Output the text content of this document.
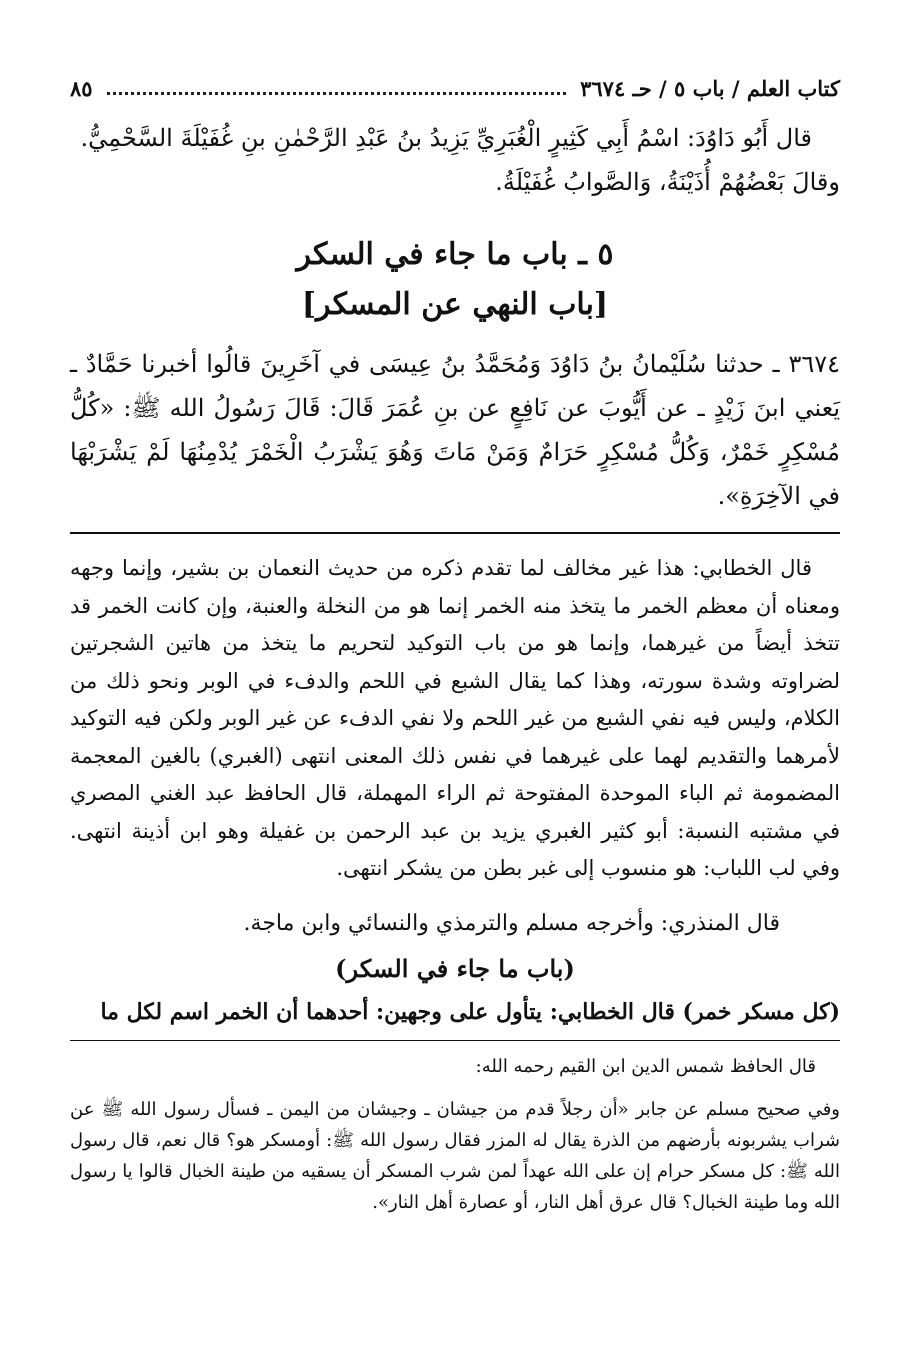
كتاب العلم / باب ٥ / حـ ٣٦٧٤
٨٥

قال أَبُو دَاوُدَ: اسْمُ أَبِي كَثِيرٍ الْغُبَرِيِّ يَزِيدُ بنُ عَبْدِ الرَّحْمٰنِ بنِ غُفَيْلَةَ السَّحْمِيُّ.

وقالَ بَعْضُهُمْ أُذَيْنَةُ، وَالصَّوابُ غُفَيْلَةُ.

٥ ـ باب ما جاء في السكر
[باب النهي عن المسكر]

٣٦٧٤ ـ حدثنا سُلَيْمانُ بنُ دَاوُدَ وَمُحَمَّدُ بنُ عِيسَى في آخَرِينَ قالُوا أخبرنا حَمَّادٌ ـ يَعني ابنَ زَيْدٍ ـ عن أَيُّوبَ عن نَافِعٍ عن بنِ عُمَرَ قَالَ: قَالَ رَسُولُ الله ﷺ: «كُلُّ مُسْكِرٍ خَمْرٌ، وَكُلُّ مُسْكِرٍ حَرَامٌ وَمَنْ مَاتَ وَهُوَ يَشْرَبُ الْخَمْرَ يُدْمِنُهَا لَمْ يَشْرَبْهَا في الآخِرَةِ».

قال الخطابي: هذا غير مخالف لما تقدم ذكره من حديث النعمان بن بشير، وإنما وجهه ومعناه أن معظم الخمر ما يتخذ منه الخمر إنما هو من النخلة والعنبة، وإن كانت الخمر قد تتخذ أيضاً من غيرهما، وإنما هو من باب التوكيد لتحريم ما يتخذ من هاتين الشجرتين لضراوته وشدة سورته، وهذا كما يقال الشبع في اللحم والدفء في الوبر ونحو ذلك من الكلام، وليس فيه نفي الشبع من غير اللحم ولا نفي الدفء عن غير الوبر ولكن فيه التوكيد لأمرهما والتقديم لهما على غيرهما في نفس ذلك المعنى انتهى (الغبري) بالغين المعجمة المضمومة ثم الباء الموحدة المفتوحة ثم الراء المهملة، قال الحافظ عبد الغني المصري في مشتبه النسبة: أبو كثير الغبري يزيد بن عبد الرحمن بن غفيلة وهو ابن أذينة انتهى. وفي لب اللباب: هو منسوب إلى غبر بطن من يشكر انتهى.

قال المنذري: وأخرجه مسلم والترمذي والنسائي وابن ماجة.

(باب ما جاء في السكر)

(كل مسكر خمر) قال الخطابي: يتأول على وجهين: أحدهما أن الخمر اسم لكل ما

قال الحافظ شمس الدين ابن القيم رحمه الله:

وفي صحيح مسلم عن جابر «أن رجلاً قدم من جيشان ـ وجيشان من اليمن ـ فسأل رسول الله ﷺ عن شراب يشربونه بأرضهم من الذرة يقال له المزر فقال رسول الله ﷺ: أومسكر هو؟ قال نعم، قال رسول الله ﷺ: كل مسكر حرام إن على الله عهداً لمن شرب المسكر أن يسقيه من طينة الخبال قالوا يا رسول الله وما طينة الخبال؟ قال عرق أهل النار، أو عصارة أهل النار».
